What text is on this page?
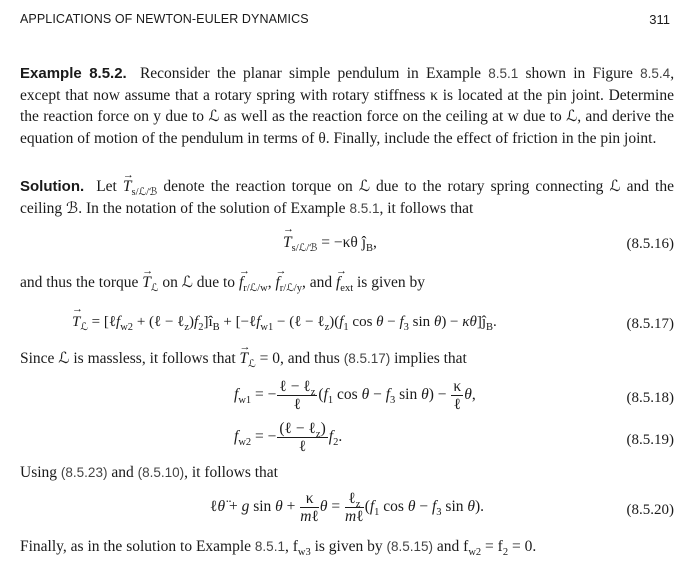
APPLICATIONS OF NEWTON-EULER DYNAMICS	311
Example 8.5.2. Reconsider the planar simple pendulum in Example 8.5.1 shown in Figure 8.5.4, except that now assume that a rotary spring with rotary stiffness κ is located at the pin joint. Determine the reaction force on y due to ℒ as well as the reaction force on the ceiling at w due to ℒ, and derive the equation of motion of the pendulum in terms of θ. Finally, include the effect of friction in the pin joint.
Solution. Let → $T_{s/ℒ/ℬ}$ denote the reaction torque on ℒ due to the rotary spring connecting ℒ and the ceiling ℬ. In the notation of the solution of Example 8.5.1, it follows that
→ $T_{s/ℒ/ℬ} = -\kappa\theta$ $ĵ_B$,	(8.5.16)
and thus the torque → $T_ℒ$ on ℒ due to → $f_{r/ℒ/w}$, → $f_{r/ℒ/y}$, and → $f_{ext}$ is given by
→ $T_ℒ$ = [ℓf$_{w2}$ + (ℓ − $\ell_z)f_2]î_B$ + [−ℓf$_{w1}$ − (ℓ − $\ell_z)(f_1$ $\cos \theta - f_3$ $\sin \theta) - \kappa\theta]ĵ_B$.	(8.5.17)
Since ℒ is massless, it follows that → $T_ℒ = 0$, and thus (8.5.17) implies that
$f_{w1}$ = − $\frac{\ell - \ell_z}{\text{ℓ}} (f_1$ $\cos \theta - f_3$ $\sin \theta) - \frac{\kappa}{\text{ℓ}} \theta$,	(8.5.18)
$f_{w2}$ = − $\frac{(\ell - \ell_z)}{\text{ℓ}} f_2$.	(8.5.19)
Using (8.5.23) and (8.5.10), it follows that
ℓθ̈ + g $\sin \theta + \frac{\kappa}{\text{mℓ}}$ $\theta = \frac{\ell_z}{\text{mℓ}} (f_1$ $\cos \theta - f_3$ sin θ).	(8.5.20)
Finally, as in the solution to Example 8.5.1, $f_{w3}$ is given by (8.5.15) and $f_{w2} = f_2 = 0$.
